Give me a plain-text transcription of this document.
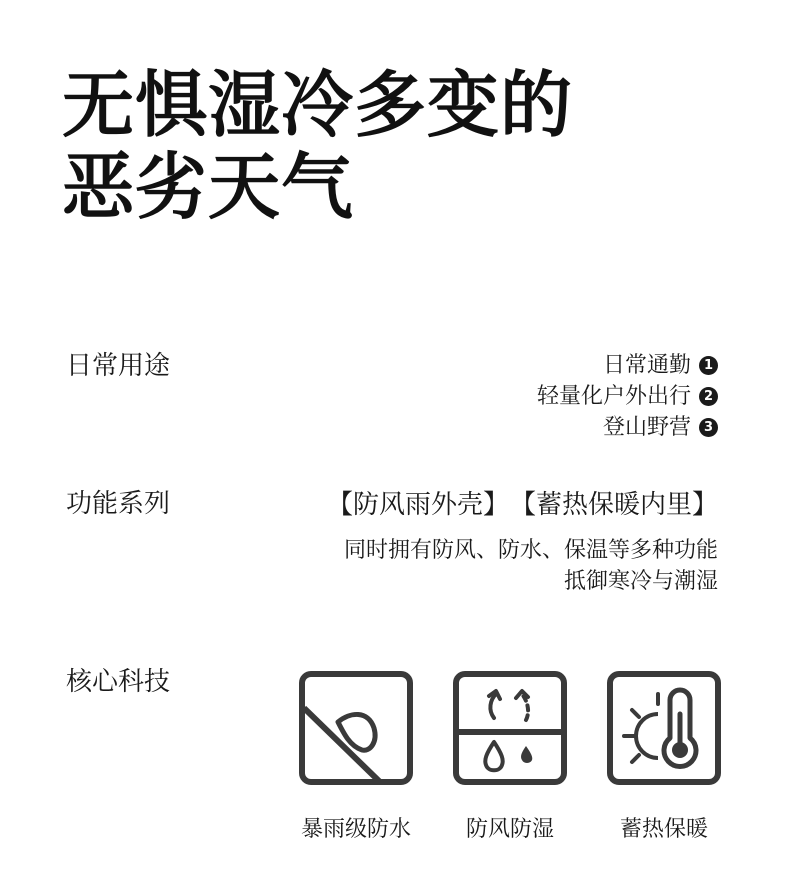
无惧湿冷多变的
恶劣天气
日常用途	日常通勤 1
轻量化户外出行 2
登山野营 3
功能系列	【防风雨外壳】 【蓄热保暖内里】
同时拥有防风、防水、保温等多种功能
抵御寒冷与潮湿
核心科技
暴雨级防水	防风防湿	蓄热保暖
